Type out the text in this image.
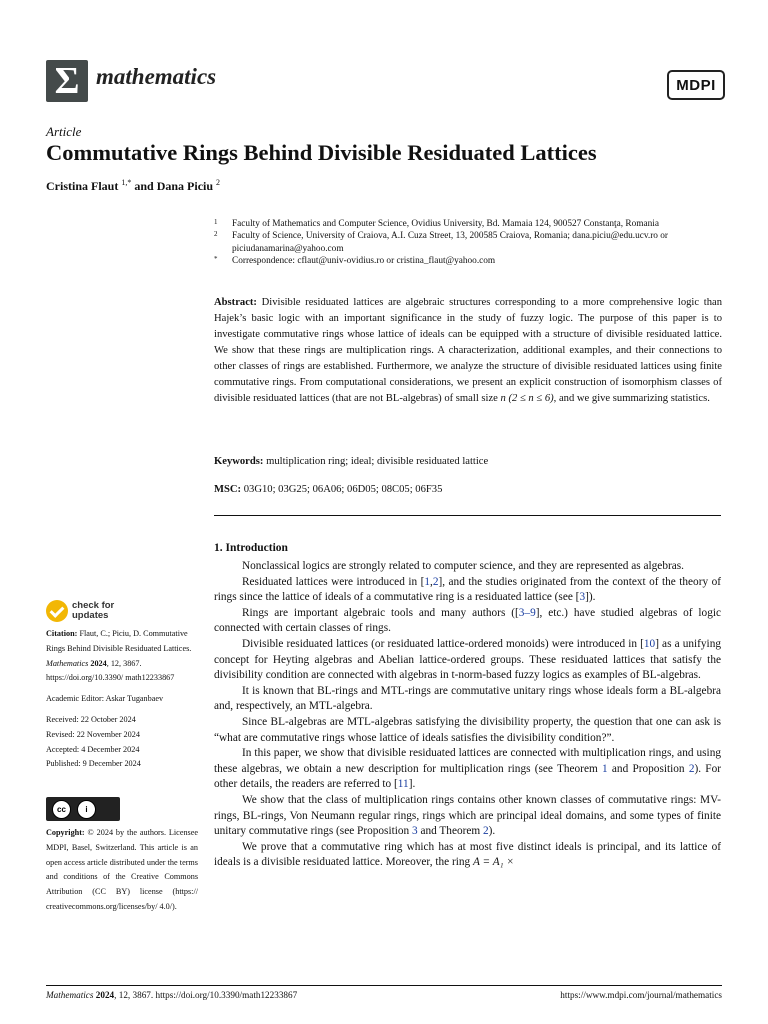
Σ mathematics	MDPI
Article
Commutative Rings Behind Divisible Residuated Lattices
Cristina Flaut $^{1,*}$ and Dana Piciu $^2$
1 Faculty of Mathematics and Computer Science, Ovidius University, Bd. Mamaia 124, 900527 Constanţa, Romania
2 Faculty of Science, University of Craiova, A.I. Cuza Street, 13, 200585 Craiova, Romania; dana.piciu@edu.ucv.ro or piciudanamarina@yahoo.com
* Correspondence: cflaut@univ-ovidius.ro or cristina_flaut@yahoo.com
Abstract: Divisible residuated lattices are algebraic structures corresponding to a more comprehensive logic than Hajek’s basic logic with an important significance in the study of fuzzy logic. The purpose of this paper is to investigate commutative rings whose lattice of ideals can be equipped with a structure of divisible residuated lattice. We show that these rings are multiplication rings. A characterization, additional examples, and their connections to other classes of rings are established. Furthermore, we analyze the structure of divisible residuated lattices using finite commutative rings. From computational considerations, we present an explicit construction of isomorphism classes of divisible residuated lattices (that are not BL-algebras) of small size n (2 ≤ n ≤ 6), and we give summarizing statistics.
Keywords: multiplication ring; ideal; divisible residuated lattice
MSC: 03G10; 03G25; 06A06; 06D05; 08C05; 06F35
1. Introduction

Nonclassical logics are strongly related to computer science, and they are represented as algebras.

Residuated lattices were introduced in [1,2], and the studies originated from the context of the theory of rings since the lattice of ideals of a commutative ring is a residuated lattice (see [3]).

Rings are important algebraic tools and many authors ([3–9], etc.) have studied algebras of logic connected with certain classes of rings.

Divisible residuated lattices (or residuated lattice-ordered monoids) were introduced in [10] as a unifying concept for Heyting algebras and Abelian lattice-ordered groups. These residuated lattices that satisfy the divisibility condition are connected with algebras in t-norm-based fuzzy logics as examples of BL-algebras.

It is known that BL-rings and MTL-rings are commutative unitary rings whose ideals form a BL-algebra and, respectively, an MTL-algebra.

Since BL-algebras are MTL-algebras satisfying the divisibility property, the question that one can ask is “what are commutative rings whose lattice of ideals satisfies the divisibility condition?”.

In this paper, we show that divisible residuated lattices are connected with multiplication rings, and using these algebras, we obtain a new description for multiplication rings (see Theorem 1 and Proposition 2). For other details, the readers are referred to [11].

We show that the class of multiplication rings contains other known classes of commutative rings: MV-rings, BL-rings, Von Neumann regular rings, rings which are principal ideal domains, and some types of finite unitary commutative rings (see Proposition 3 and Theorem 2).

We prove that a commutative ring which has at most five distinct ideals is principal, and its lattice of ideals is a divisible residuated lattice. Moreover, the ring A = A₁ ×

check for
updates
Citation: Flaut, C.; Piciu, D. Commutative Rings Behind Divisible Residuated Lattices. Mathematics 2024, 12, 3867. https://doi.org/10.3390/ math12233867
Academic Editor: Askar Tuganbaev
Received: 22 October 2024
Revised: 22 November 2024
Accepted: 4 December 2024
Published: 9 December 2024
cc	i
Copyright: © 2024 by the authors. Licensee MDPI, Basel, Switzerland. This article is an open access article distributed under the terms and conditions of the Creative Commons Attribution (CC BY) license (https:// creativecommons.org/licenses/by/ 4.0/).
Mathematics 2024, 12, 3867. https://doi.org/10.3390/math12233867	https://www.mdpi.com/journal/mathematics
